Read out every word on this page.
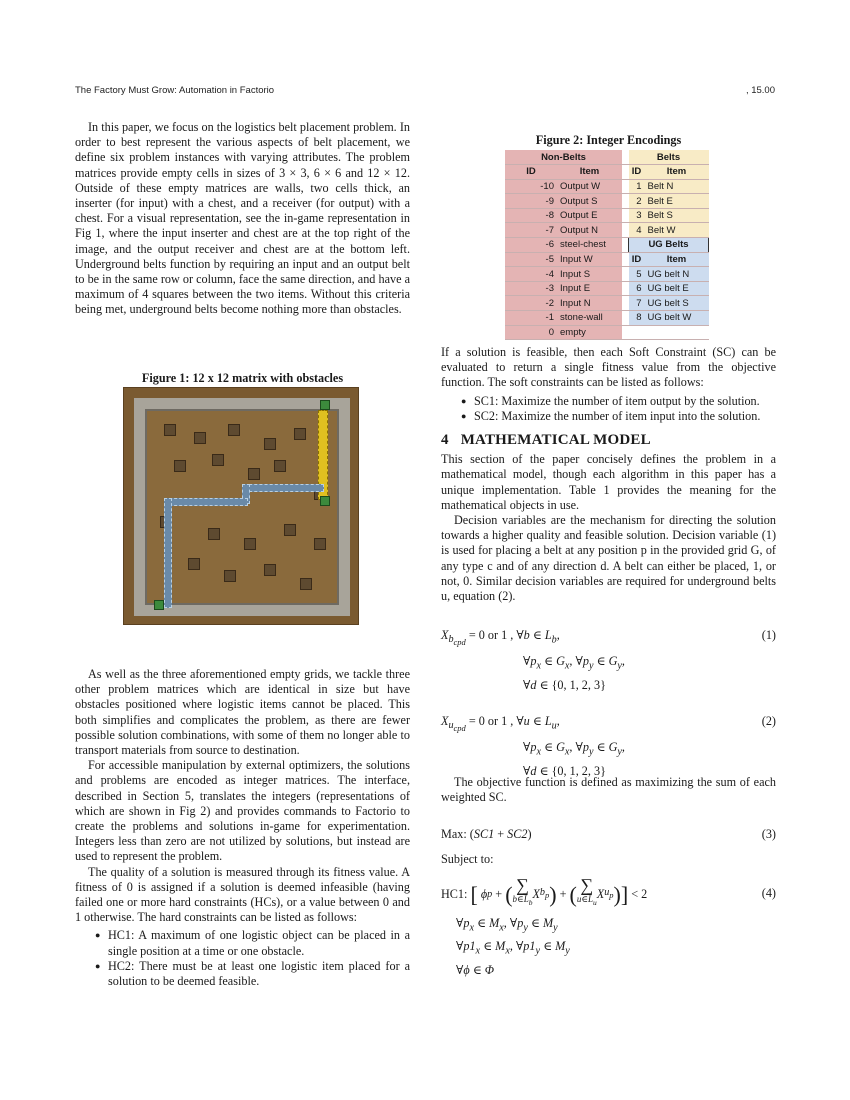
The Factory Must Grow: Automation in Factorio	, 15.00

In this paper, we focus on the logistics belt placement problem. In order to best represent the various aspects of belt placement, we define six problem instances with varying attributes. The problem matrices provide empty cells in sizes of 3 × 3, 6 × 6 and 12 × 12. Outside of these empty matrices are walls, two cells thick, an inserter (for input) with a chest, and a receiver (for output) with a chest. For a visual representation, see the in-game representation in Fig 1, where the input inserter and chest are at the top right of the image, and the output receiver and chest are at the bottom left. Underground belts function by requiring an input and an output belt to be in the same row or column, face the same direction, and have a maximum of 4 squares between the two items. Without this criteria being met, underground belts become nothing more than obstacles.

Figure 1: 12 x 12 matrix with obstacles

As well as the three aforementioned empty grids, we tackle three other problem matrices which are identical in size but have obstacles positioned where logistic items cannot be placed. This both simplifies and complicates the problem, as there are fewer possible solution combinations, with some of them no longer able to transport materials from source to destination.

For accessible manipulation by external optimizers, the solutions and problems are encoded as integer matrices. The interface, described in Section 5, translates the integers (representations of which are shown in Fig 2) and provides commands to Factorio to create the problems and solutions in-game for experimentation. Integers less than zero are not utilized by solutions, but instead are used to represent the problem.

The quality of a solution is measured through its fitness value. A fitness of 0 is assigned if a solution is deemed infeasible (having failed one or more hard constraints (HCs), or a value between 0 and 1 otherwise. The hard constraints can be listed as follows:

● HC1: A maximum of one logistic object can be placed in a single position at a time or one obstacle.
● HC2: There must be at least one logistic item placed for a solution to be deemed feasible.
Figure 2: Integer Encodings
Non-Belts			Belts	
ID	Item		ID	Item
-10	Output W		1	Belt N
-9	Output S		2	Belt E
-8	Output E		3	Belt S
-7	Output N		4	Belt W
-6	steel-chest		UG Belts	
-5	Input W		ID	Item
-4	Input S		5	UG belt N
-3	Input E		6	UG belt E
-2	Input N		7	UG belt S
-1	stone-wall		8	UG belt W
0	empty			

If a solution is feasible, then each Soft Constraint (SC) can be evaluated to return a single fitness value from the objective function. The soft constraints can be listed as follows:

● SC1: Maximize the number of item output by the solution.
● SC2: Maximize the number of item input into the solution.
4 MATHEMATICAL MODEL

This section of the paper concisely defines the problem in a mathematical model, though each algorithm in this paper has a unique implementation. Table 1 provides the meaning for the mathematical objects in use.

Decision variables are the mechanism for directing the solution towards a higher quality and feasible solution. Decision variable (1) is used for placing a belt at any position p in the provided grid G, of any type c and of any direction d. A belt can either be placed, 1, or not, 0. Similar decision variables are required for underground belts u, equation (2).

(1)
$X_{b_{cpd}} = 0$ or 1 , ∀b ∈ $L_b$,
$\forall p_x$ ∈ $G_x$, $\forall p_y$ ∈ $G_y$,
∀d ∈ {0, 1, 2, 3}
(2)
$X_{u_{cpd}} = 0$ or 1 , ∀u ∈ $L_u$,
$\forall p_x$ ∈ $G_x$, $\forall p_y$ ∈ $G_y$,
∀d ∈ {0, 1, 2, 3}

The objective function is defined as maximizing the sum of each weighted SC.

(3)
Max: (SC1 + SC2)

Subject to:

(4)
HC1:
[ ϕ p + ( ∑
$b\in L_b$
X $b_p$ ) + ( ∑
$u\in L_u$
X $u_p$ ) ] < 2
$\forall p_x$ ∈ $M_x$, $\forall p_y$ ∈ $M_y$
$\forall p1_x$ ∈ $M_x$, $\forall p1_y$ ∈ $M_y$
∀ϕ ∈ Φ
